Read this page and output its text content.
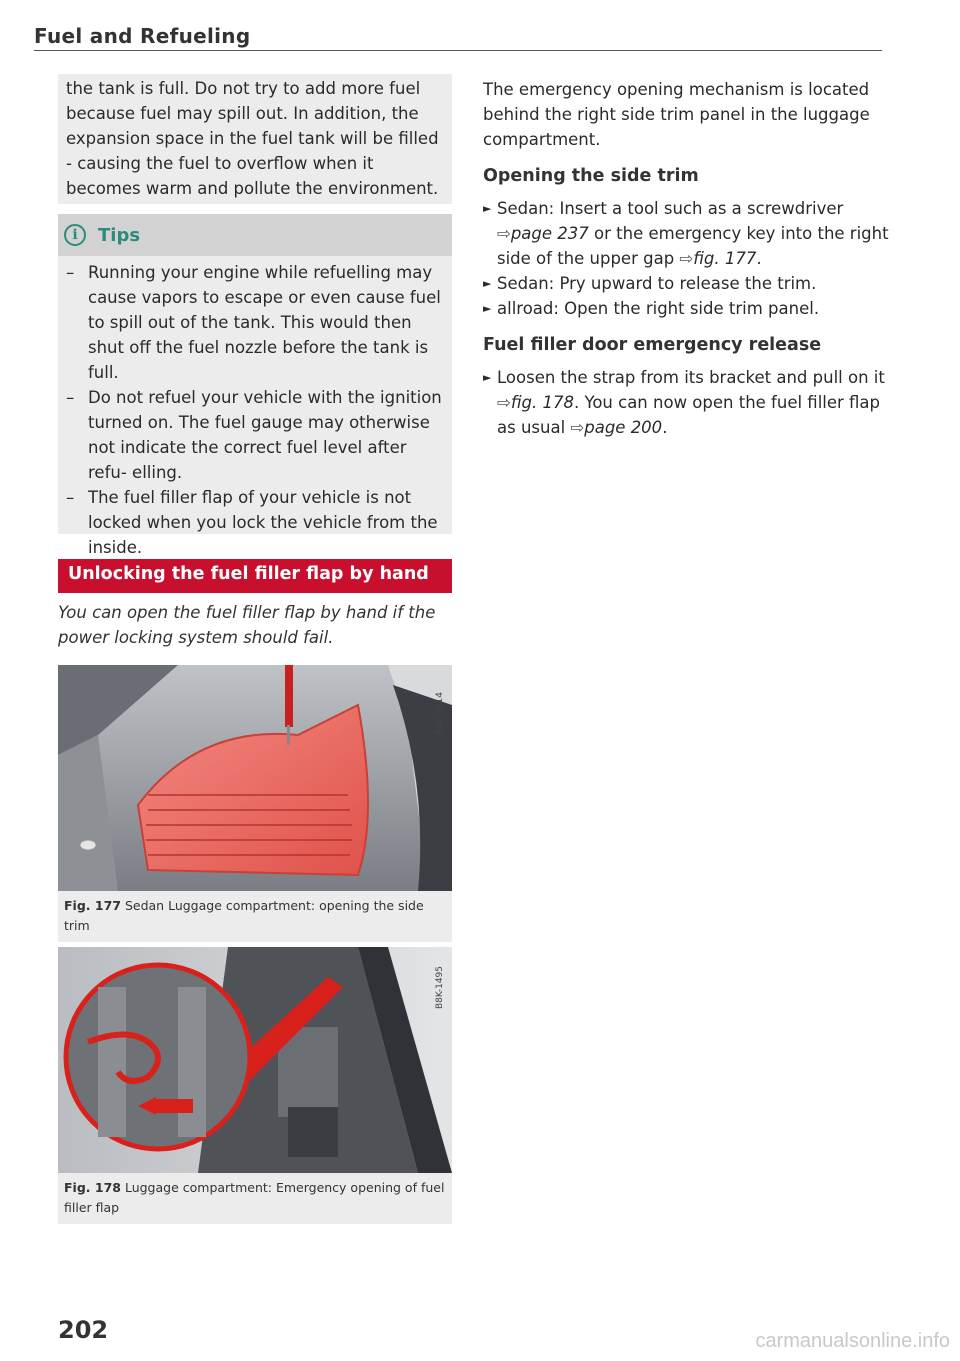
Fuel and Refueling

the tank is full. Do not try to add more fuel because fuel may spill out. In addition, the expansion space in the fuel tank will be filled - causing the fuel to overflow when it becomes warm and pollute the environment.

i	Tips

– Running your engine while refuelling may cause vapors to escape or even cause fuel to spill out of the tank. This would then shut off the fuel nozzle before the tank is full.

– Do not refuel your vehicle with the ignition turned on. The fuel gauge may otherwise not indicate the correct fuel level after refu- elling.

– The fuel filler flap of your vehicle is not locked when you lock the vehicle from the inside.

Unlocking the fuel filler flap by hand

You can open the fuel filler flap by hand if the power locking system should fail.

B8K-1714
Fig. 177 Sedan Luggage compartment: opening the side trim
B8K-1495
Fig. 178 Luggage compartment: Emergency opening of fuel filler flap
202

The emergency opening mechanism is located behind the right side trim panel in the luggage compartment.

Opening the side trim

► Sedan: Insert a tool such as a screwdriver ⇨page 237 or the emergency key into the right side of the upper gap ⇨fig. 177.

► Sedan: Pry upward to release the trim.

► allroad: Open the right side trim panel.

Fuel filler door emergency release

► Loosen the strap from its bracket and pull on it ⇨fig. 178. You can now open the fuel filler flap as usual ⇨page 200.

carmanualsonline.info
